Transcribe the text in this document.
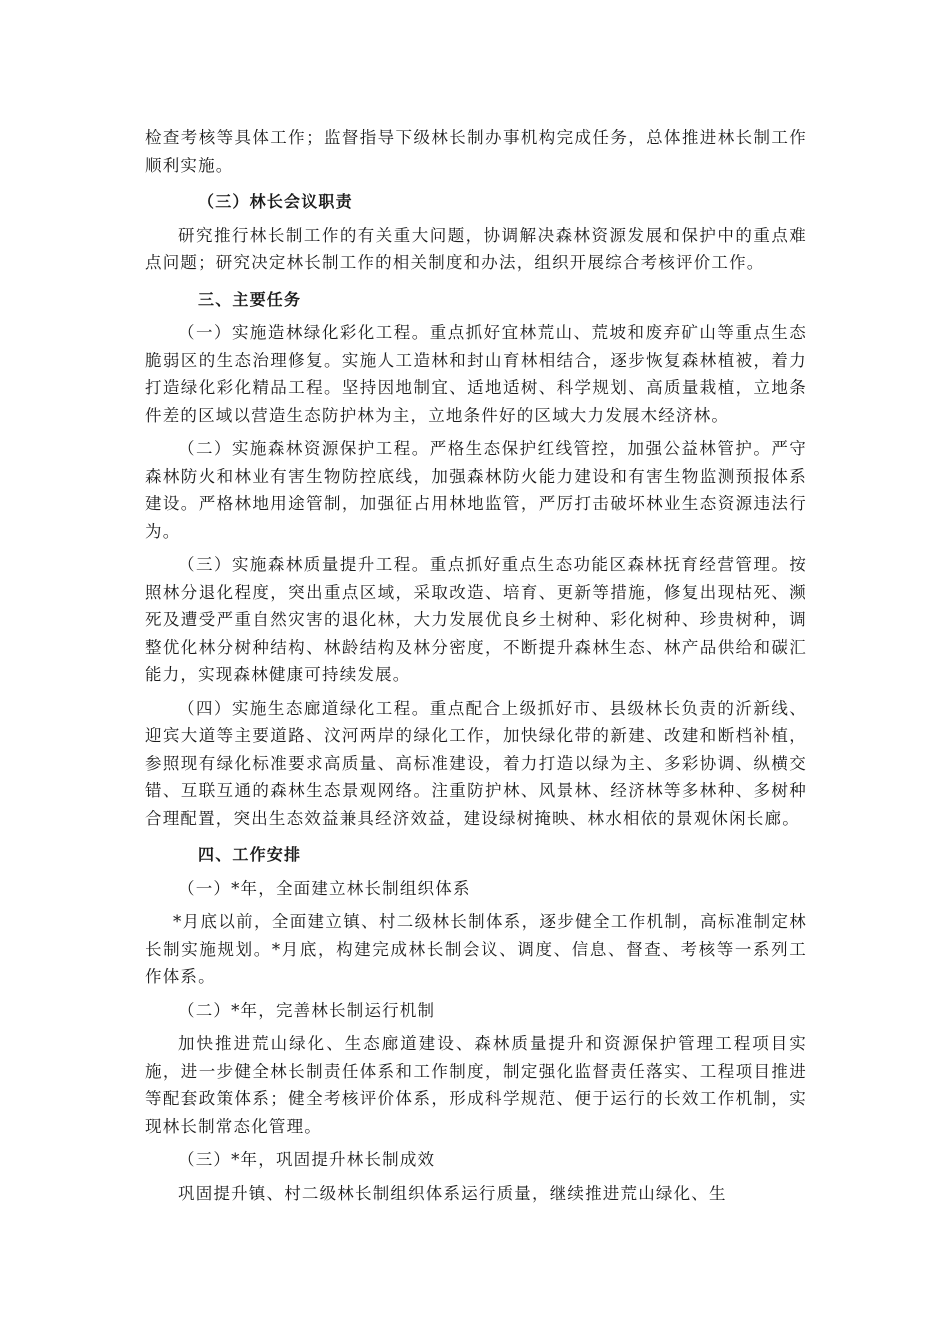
检查考核等具体工作；监督指导下级林长制办事机构完成任务，总体推进林长制工作顺利实施。

（三）林长会议职责

研究推行林长制工作的有关重大问题，协调解决森林资源发展和保护中的重点难点问题；研究决定林长制工作的相关制度和办法，组织开展综合考核评价工作。

三、主要任务

（一）实施造林绿化彩化工程。重点抓好宜林荒山、荒坡和废弃矿山等重点生态脆弱区的生态治理修复。实施人工造林和封山育林相结合，逐步恢复森林植被，着力打造绿化彩化精品工程。坚持因地制宜、适地适树、科学规划、高质量栽植，立地条件差的区域以营造生态防护林为主，立地条件好的区域大力发展木经济林。

（二）实施森林资源保护工程。严格生态保护红线管控，加强公益林管护。严守森林防火和林业有害生物防控底线，加强森林防火能力建设和有害生物监测预报体系建设。严格林地用途管制，加强征占用林地监管，严厉打击破坏林业生态资源违法行为。

（三）实施森林质量提升工程。重点抓好重点生态功能区森林抚育经营管理。按照林分退化程度，突出重点区域，采取改造、培育、更新等措施，修复出现枯死、濒死及遭受严重自然灾害的退化林，大力发展优良乡土树种、彩化树种、珍贵树种，调整优化林分树种结构、林龄结构及林分密度，不断提升森林生态、林产品供给和碳汇能力，实现森林健康可持续发展。

（四）实施生态廊道绿化工程。重点配合上级抓好市、县级林长负责的沂新线、迎宾大道等主要道路、汶河两岸的绿化工作，加快绿化带的新建、改建和断档补植，参照现有绿化标准要求高质量、高标准建设，着力打造以绿为主、多彩协调、纵横交错、互联互通的森林生态景观网络。注重防护林、风景林、经济林等多林种、多树种合理配置，突出生态效益兼具经济效益，建设绿树掩映、林水相依的景观休闲长廊。

四、工作安排

（一）*年，全面建立林长制组织体系

*月底以前，全面建立镇、村二级林长制体系，逐步健全工作机制，高标准制定林长制实施规划。*月底，构建完成林长制会议、调度、信息、督查、考核等一系列工作体系。

（二）*年，完善林长制运行机制

加快推进荒山绿化、生态廊道建设、森林质量提升和资源保护管理工程项目实施，进一步健全林长制责任体系和工作制度，制定强化监督责任落实、工程项目推进等配套政策体系；健全考核评价体系，形成科学规范、便于运行的长效工作机制，实现林长制常态化管理。

（三）*年，巩固提升林长制成效

巩固提升镇、村二级林长制组织体系运行质量，继续推进荒山绿化、生
